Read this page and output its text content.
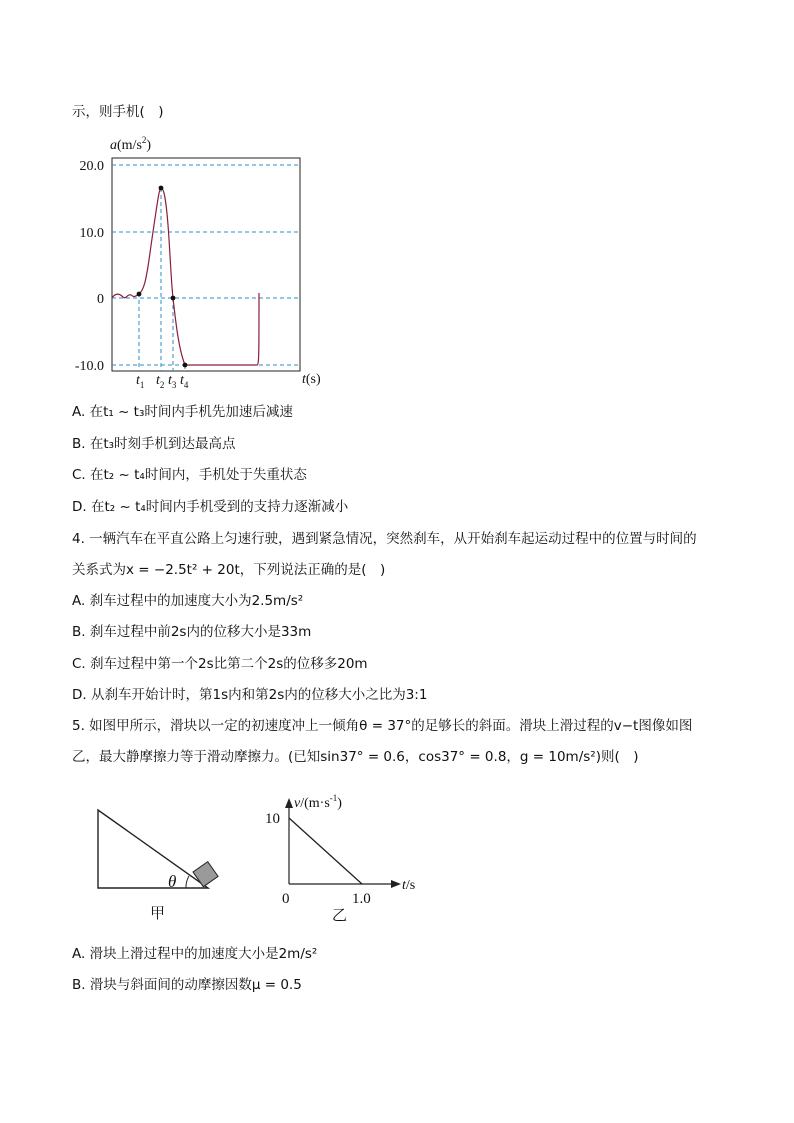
示，则手机(　)
$a(m/s^2)$
20.0
10.0
0
-10.0
t(s)
$t_1$ $t_2$ $t_3$ $t_4$
A. 在t₁ ~ t₃时间内手机先加速后减速
B. 在t₃时刻手机到达最高点
C. 在t₂ ~ t₄时间内，手机处于失重状态
D. 在t₂ ~ t₄时间内手机受到的支持力逐渐减小
4. 一辆汽车在平直公路上匀速行驶，遇到紧急情况，突然刹车，从开始刹车起运动过程中的位置与时间的
关系式为x = −2.5t² + 20t，下列说法正确的是(　)
A. 刹车过程中的加速度大小为2.5m/s²
B. 刹车过程中前2s内的位移大小是33m
C. 刹车过程中第一个2s比第二个2s的位移多20m
D. 从刹车开始计时，第1s内和第2s内的位移大小之比为3:1
5. 如图甲所示，滑块以一定的初速度冲上一倾角θ = 37°的足够长的斜面。滑块上滑过程的v−t图像如图
乙，最大静摩擦力等于滑动摩擦力。(已知sin37° = 0.6，cos37° = 0.8，g = 10m/s²)则(　)
θ
甲
$v/(m\cdot s^{-1})$
10
0	1.0
t/s
乙
A. 滑块上滑过程中的加速度大小是2m/s²
B. 滑块与斜面间的动摩擦因数μ = 0.5
